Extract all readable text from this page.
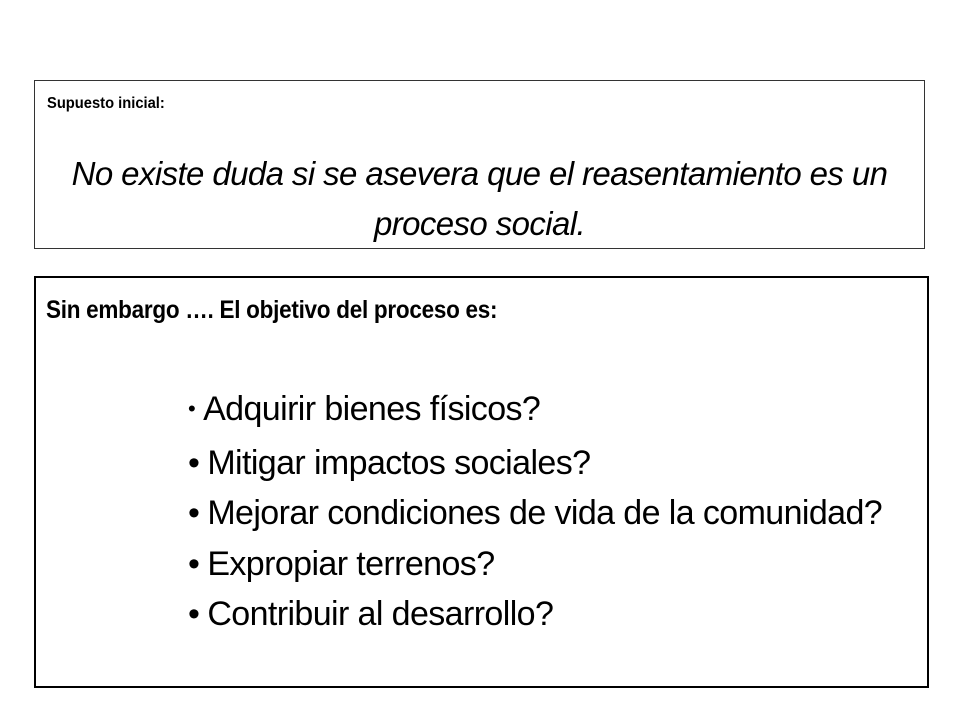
Supuesto inicial:
No existe duda si se asevera que el reasentamiento es un proceso social.
Sin embargo …. El objetivo del proceso es:
• Adquirir bienes físicos?
• Mitigar impactos sociales?
• Mejorar condiciones de vida de la comunidad?
• Expropiar terrenos?
• Contribuir al desarrollo?
